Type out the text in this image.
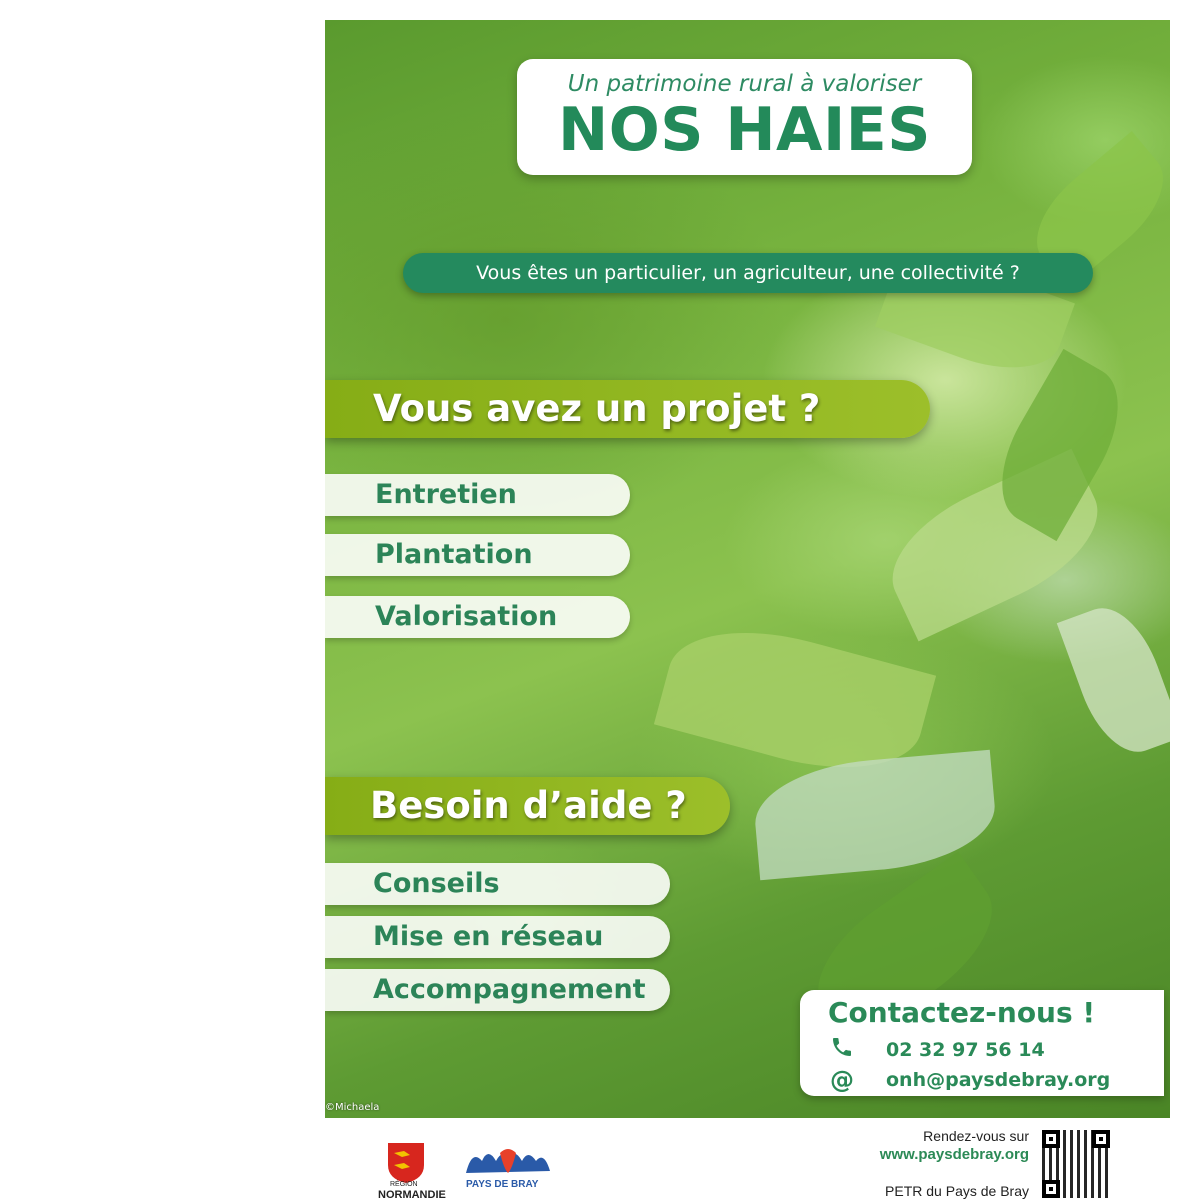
Un patrimoine rural à valoriser
NOS HAIES
Vous êtes un particulier, un agriculteur, une collectivité ?
Vous avez un projet ?
Entretien
Plantation
Valorisation
Besoin d’aide ?
Conseils
Mise en réseau
Accompagnement
Contactez-nous !
02 32 97 56 14
@	onh@paysdebray.org
©Michaela
RÉGION
NORMANDIE
PAYS DE BRAY
Rendez-vous sur
www.paysdebray.org
PETR du Pays de Bray
